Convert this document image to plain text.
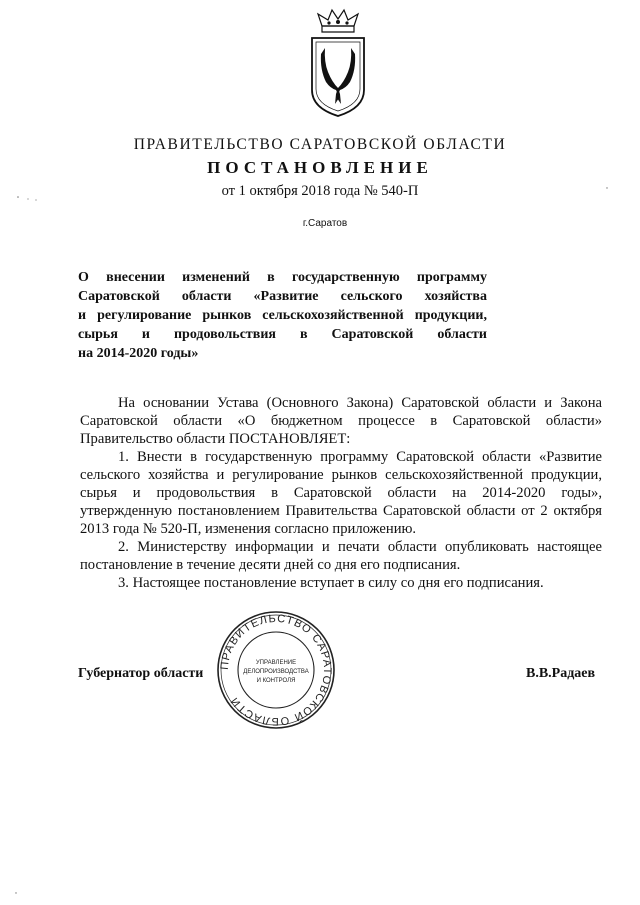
ПРАВИТЕЛЬСТВО САРАТОВСКОЙ ОБЛАСТИ
ПОСТАНОВЛЕНИЕ
от 1 октября 2018 года № 540-П
г.Саратов
О внесении изменений в государственную программу
Саратовской области «Развитие сельского хозяйства
и регулирование рынков сельскохозяйственной продукции,
сырья и продовольствия в Саратовской области
на 2014-2020 годы»
На основании Устава (Основного Закона) Саратовской области и Закона
Саратовской области «О бюджетном процессе в Саратовской области»
Правительство области ПОСТАНОВЛЯЕТ:
1. Внести в государственную программу Саратовской области «Развитие
сельского хозяйства и регулирование рынков сельскохозяйственной продукции,
сырья и продовольствия в Саратовской области на 2014-2020 годы»,
утвержденную постановлением Правительства Саратовской области от 2 октября
2013 года № 520-П, изменения согласно приложению.
2. Министерству информации и печати области опубликовать настоящее
постановление в течение десяти дней со дня его подписания.
3. Настоящее постановление вступает в силу со дня его подписания.
Губернатор области	В.В.Радаев
ПРАВИТЕЛЬСТВО САРАТОВСКОЙ ОБЛАСТИ
УПРАВЛЕНИЕ
ДЕЛОПРОИЗВОДСТВА
И КОНТРОЛЯ
